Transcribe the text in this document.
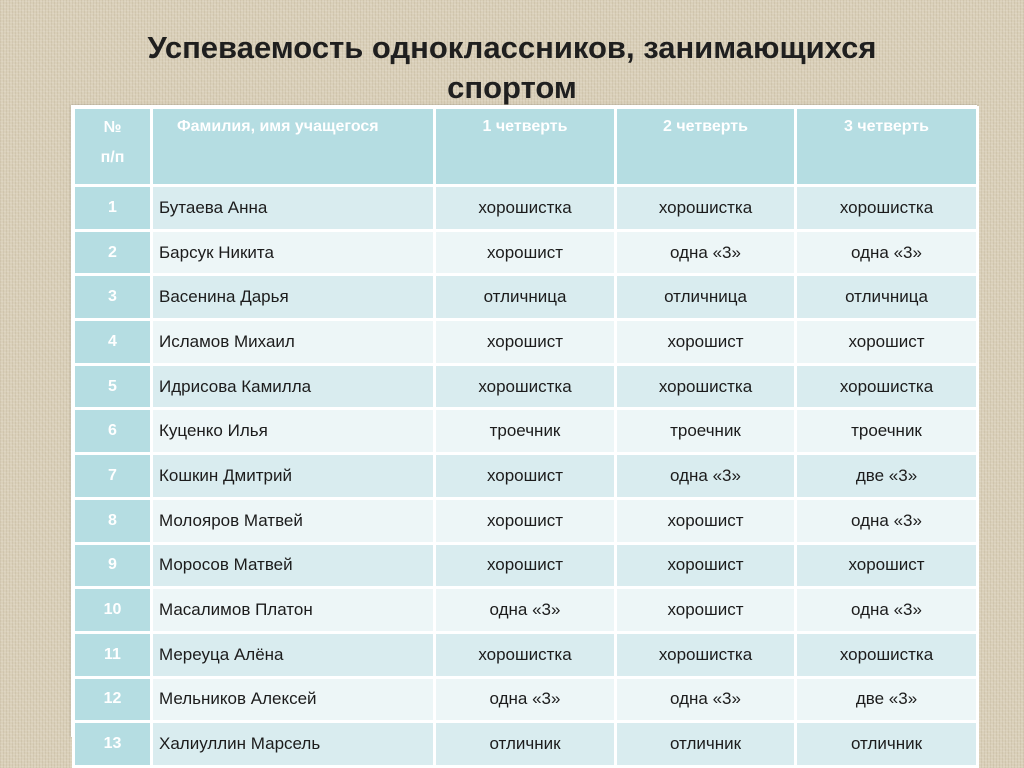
Успеваемость одноклассников, занимающихся
спортом
№
п/п	Фамилия, имя учащегося	1 четверть	2 четверть	3 четверть
1	Бутаева Анна	хорошистка	хорошистка	хорошистка
2	Барсук Никита	хорошист	одна «3»	одна «3»
3	Васенина Дарья	отличница	отличница	отличница
4	Исламов Михаил	хорошист	хорошист	хорошист
5	Идрисова Камилла	хорошистка	хорошистка	хорошистка
6	Куценко Илья	троечник	троечник	троечник
7	Кошкин Дмитрий	хорошист	одна «3»	две «3»
8	Молояров Матвей	хорошист	хорошист	одна «3»
9	Моросов Матвей	хорошист	хорошист	хорошист
10	Масалимов Платон	одна «3»	хорошист	одна «3»
11	Мереуца Алёна	хорошистка	хорошистка	хорошистка
12	Мельников Алексей	одна «3»	одна «3»	две «3»
13	Халиуллин Марсель	отличник	отличник	отличник
